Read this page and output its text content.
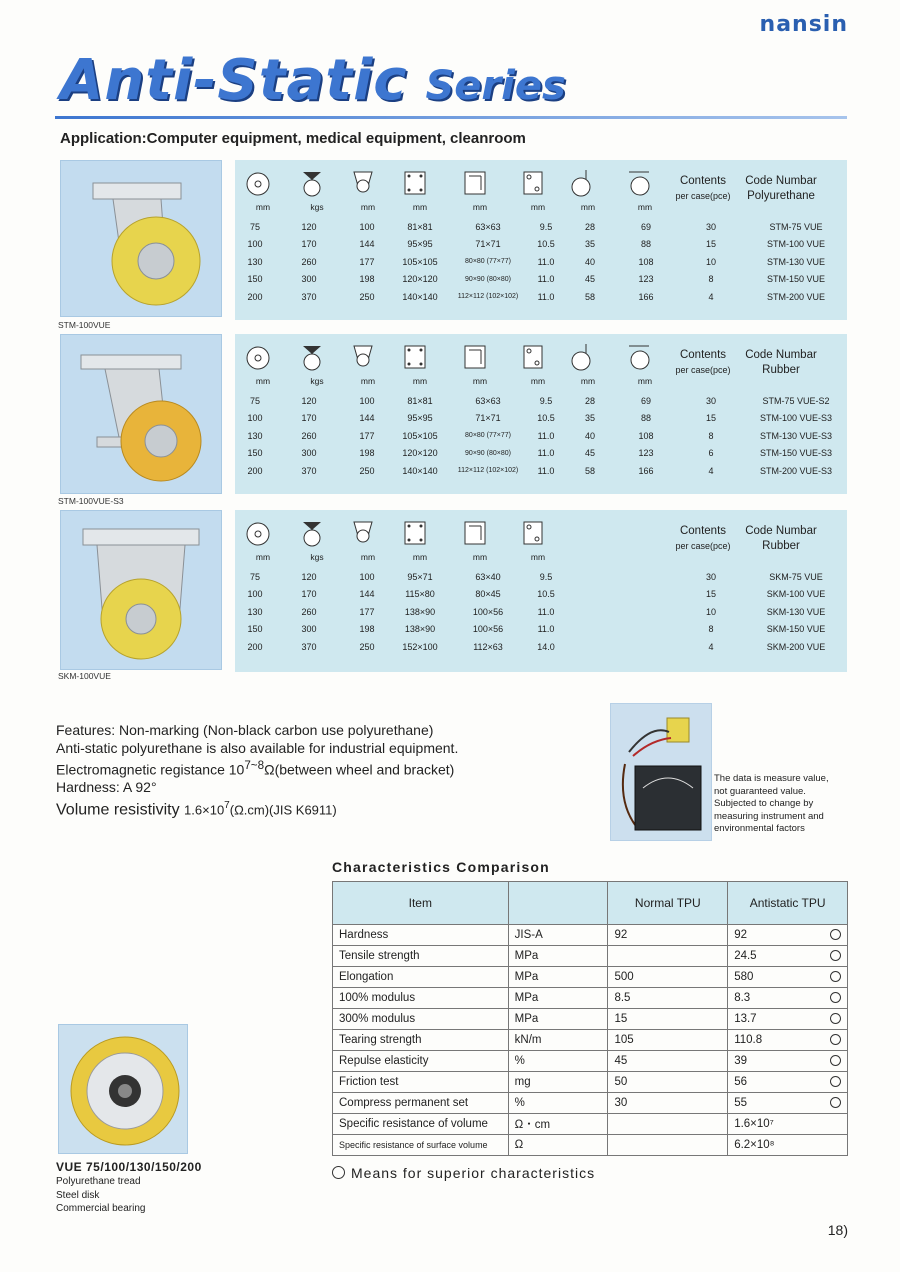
nansin
Anti-Static Series
Application:Computer equipment, medical equipment, cleanroom
STM-100VUE
mm	kgs	mm	mm	mm	mm	mm	mm
Contents
per case(pce)
Code Numbar
Polyurethane
75	120	100	81×81	63×63	9.5	28	69	30	STM-75 VUE
100	170	144	95×95	71×71	10.5	35	88	15	STM-100 VUE
130	260	177	105×105	80×80 (77×77)	11.0	40	108	10	STM-130 VUE
150	300	198	120×120	90×90 (80×80)	11.0	45	123	8	STM-150 VUE
200	370	250	140×140	112×112 (102×102)	11.0	58	166	4	STM-200 VUE
STM-100VUE-S3
mm	kgs	mm	mm	mm	mm	mm	mm
Contents
per case(pce)
Code Numbar
Rubber
75	120	100	81×81	63×63	9.5	28	69	30	STM-75 VUE-S2
100	170	144	95×95	71×71	10.5	35	88	15	STM-100 VUE-S3
130	260	177	105×105	80×80 (77×77)	11.0	40	108	8	STM-130 VUE-S3
150	300	198	120×120	90×90 (80×80)	11.0	45	123	6	STM-150 VUE-S3
200	370	250	140×140	112×112 (102×102)	11.0	58	166	4	STM-200 VUE-S3
SKM-100VUE
mm	kgs	mm	mm	mm	mm
Contents
per case(pce)
Code Numbar
Rubber
75	120	100	95×71	63×40	9.5			30	SKM-75 VUE
100	170	144	115×80	80×45	10.5			15	SKM-100 VUE
130	260	177	138×90	100×56	11.0			10	SKM-130 VUE
150	300	198	138×90	100×56	11.0			8	SKM-150 VUE
200	370	250	152×100	112×63	14.0			4	SKM-200 VUE
Features: Non-marking (Non-black carbon use polyurethane)
Anti-static polyurethane is also available for industrial equipment.
Electromagnetic registance $10^{7\sim 8}\Omega(between$ wheel and bracket)
Hardness: A 92°
Volume resistivity $1.6\times 10^7(\Omega.cm)(JIS$ K6911)
The data is measure value,
not guaranteed value.
Subjected to change by
measuring instrument and
environmental factors
Characteristics Comparison
Item		Normal TPU	Antistatic TPU
Hardness	JIS-A	92	92

Tensile strength	MPa		24.5

Elongation	MPa	500	580

100% modulus	MPa	8.5	8.3

300% modulus	MPa	15	13.7

Tearing strength	kN/m	105	110.8

Repulse elasticity	%	45	39

Friction test	mg	50	56

Compress permanent set	%	30	55

Specific resistance of volume	Ω・cm		1.6×10⁷
Specific resistance of surface volume	Ω		6.2×10⁸
Means for superior characteristics
VUE 75/100/130/150/200
Polyurethane tread
Steel disk
Commercial bearing
18)
